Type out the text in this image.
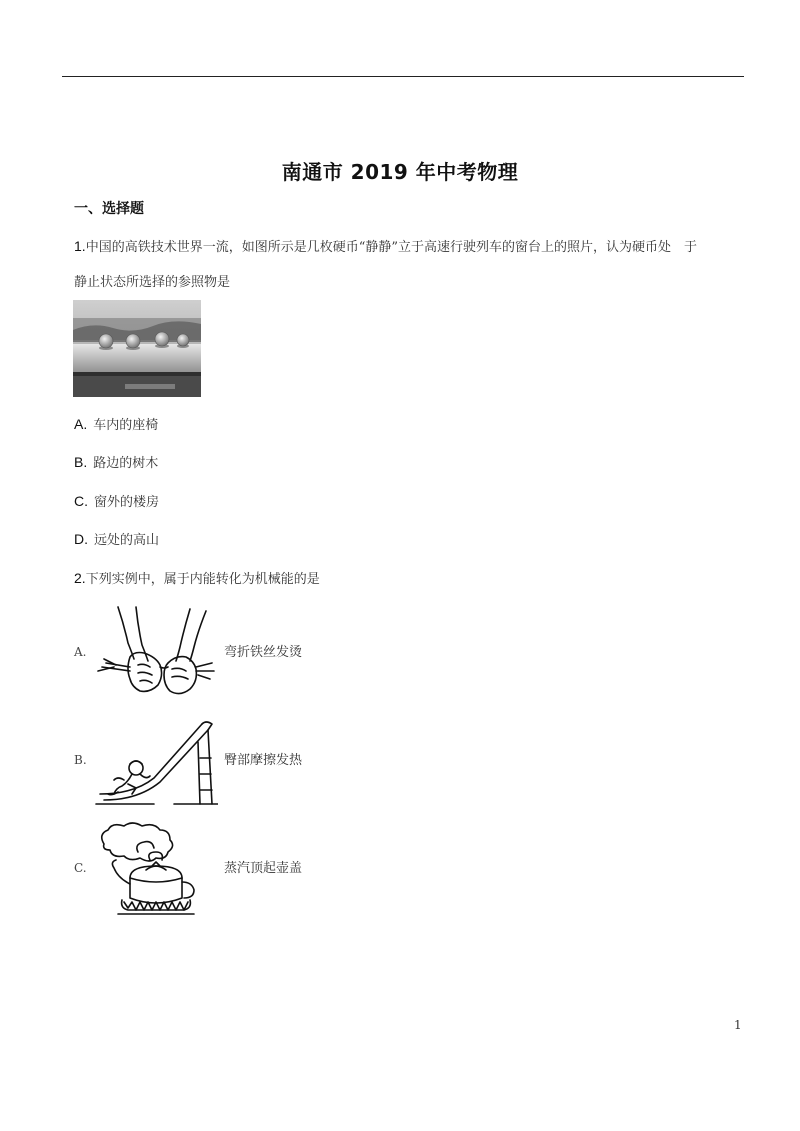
南通市 2019 年中考物理
一、选择题
1.中国的高铁技术世界一流，如图所示是几枚硬币“静静”立于高速行驶列车的窗台上的照片，认为硬币处　于
静止状态所选择的参照物是
A. 车内的座椅
B. 路边的树木
C. 窗外的楼房
D. 远处的高山
2.下列实例中，属于内能转化为机械能的是
A.	弯折铁丝发烫
B.	臀部摩擦发热
C.	蒸汽顶起壶盖
1
